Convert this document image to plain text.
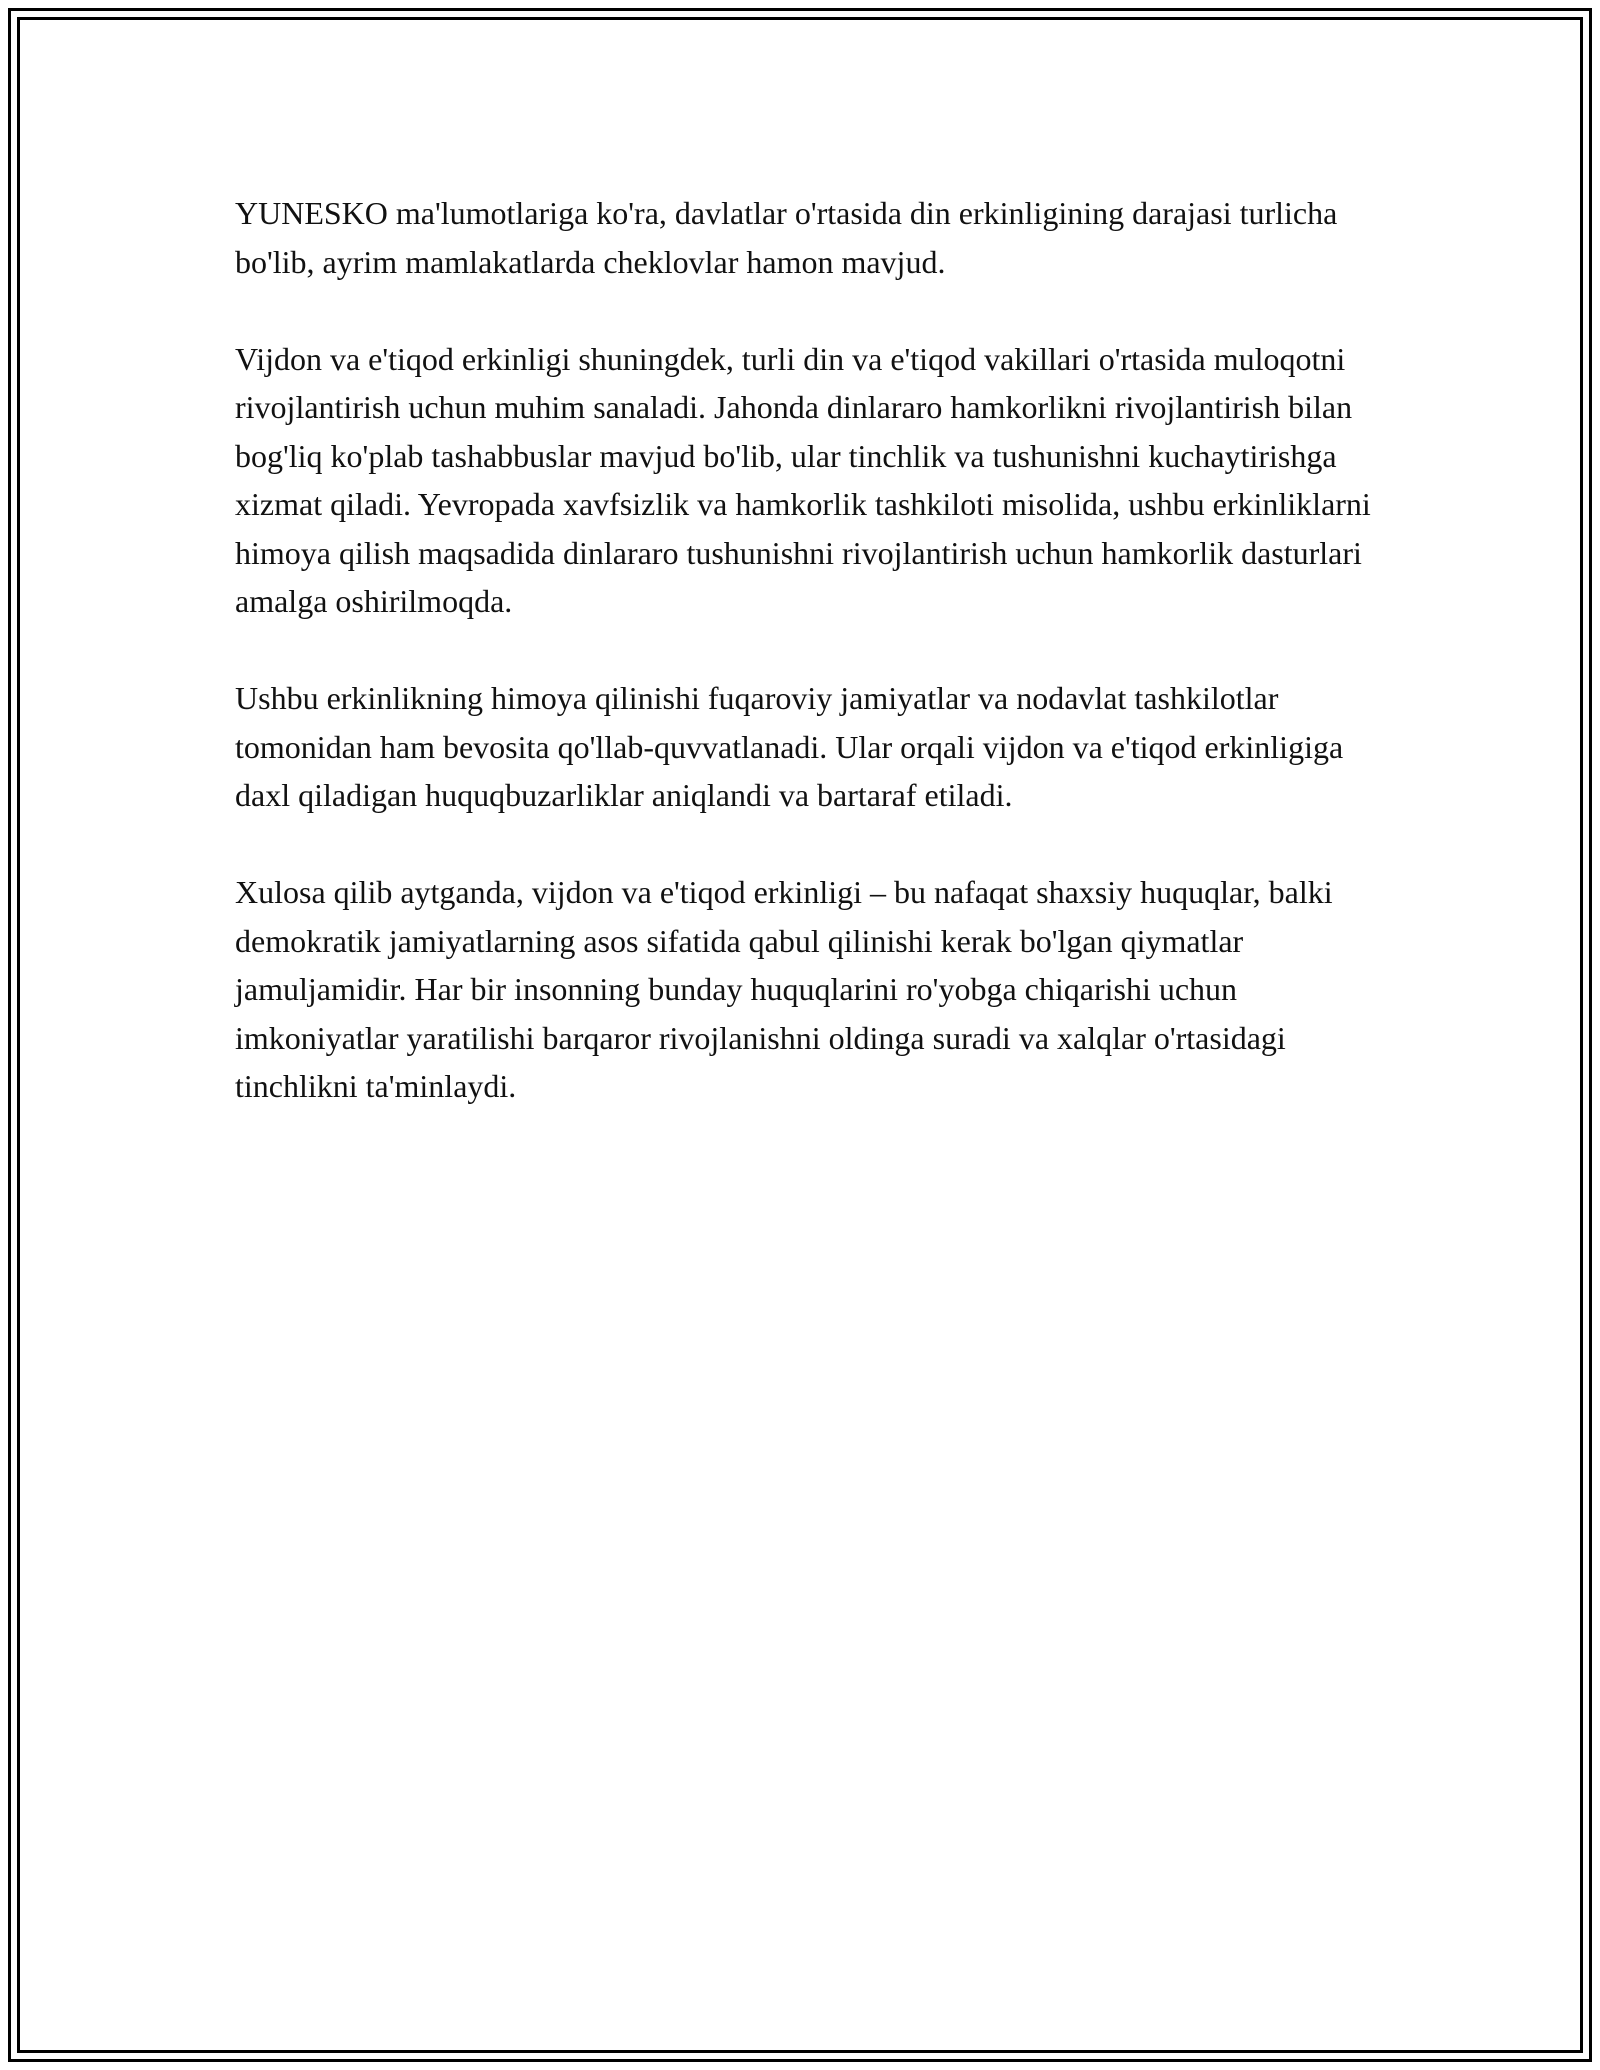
YUNESKO ma'lumotlariga ko'ra, davlatlar o'rtasida din erkinligining darajasi turlicha bo'lib, ayrim mamlakatlarda cheklovlar hamon mavjud.

Vijdon va e'tiqod erkinligi shuningdek, turli din va e'tiqod vakillari o'rtasida muloqotni rivojlantirish uchun muhim sanaladi. Jahonda dinlararo hamkorlikni rivojlantirish bilan bog'liq ko'plab tashabbuslar mavjud bo'lib, ular tinchlik va tushunishni kuchaytirishga xizmat qiladi. Yevropada xavfsizlik va hamkorlik tashkiloti misolida, ushbu erkinliklarni himoya qilish maqsadida dinlararo tushunishni rivojlantirish uchun hamkorlik dasturlari amalga oshirilmoqda.

Ushbu erkinlikning himoya qilinishi fuqaroviy jamiyatlar va nodavlat tashkilotlar tomonidan ham bevosita qo'llab-quvvatlanadi. Ular orqali vijdon va e'tiqod erkinligiga daxl qiladigan huquqbuzarliklar aniqlandi va bartaraf etiladi.

Xulosa qilib aytganda, vijdon va e'tiqod erkinligi – bu nafaqat shaxsiy huquqlar, balki demokratik jamiyatlarning asos sifatida qabul qilinishi kerak bo'lgan qiymatlar jamuljamidir. Har bir insonning bunday huquqlarini ro'yobga chiqarishi uchun imkoniyatlar yaratilishi barqaror rivojlanishni oldinga suradi va xalqlar o'rtasidagi tinchlikni ta'minlaydi.
